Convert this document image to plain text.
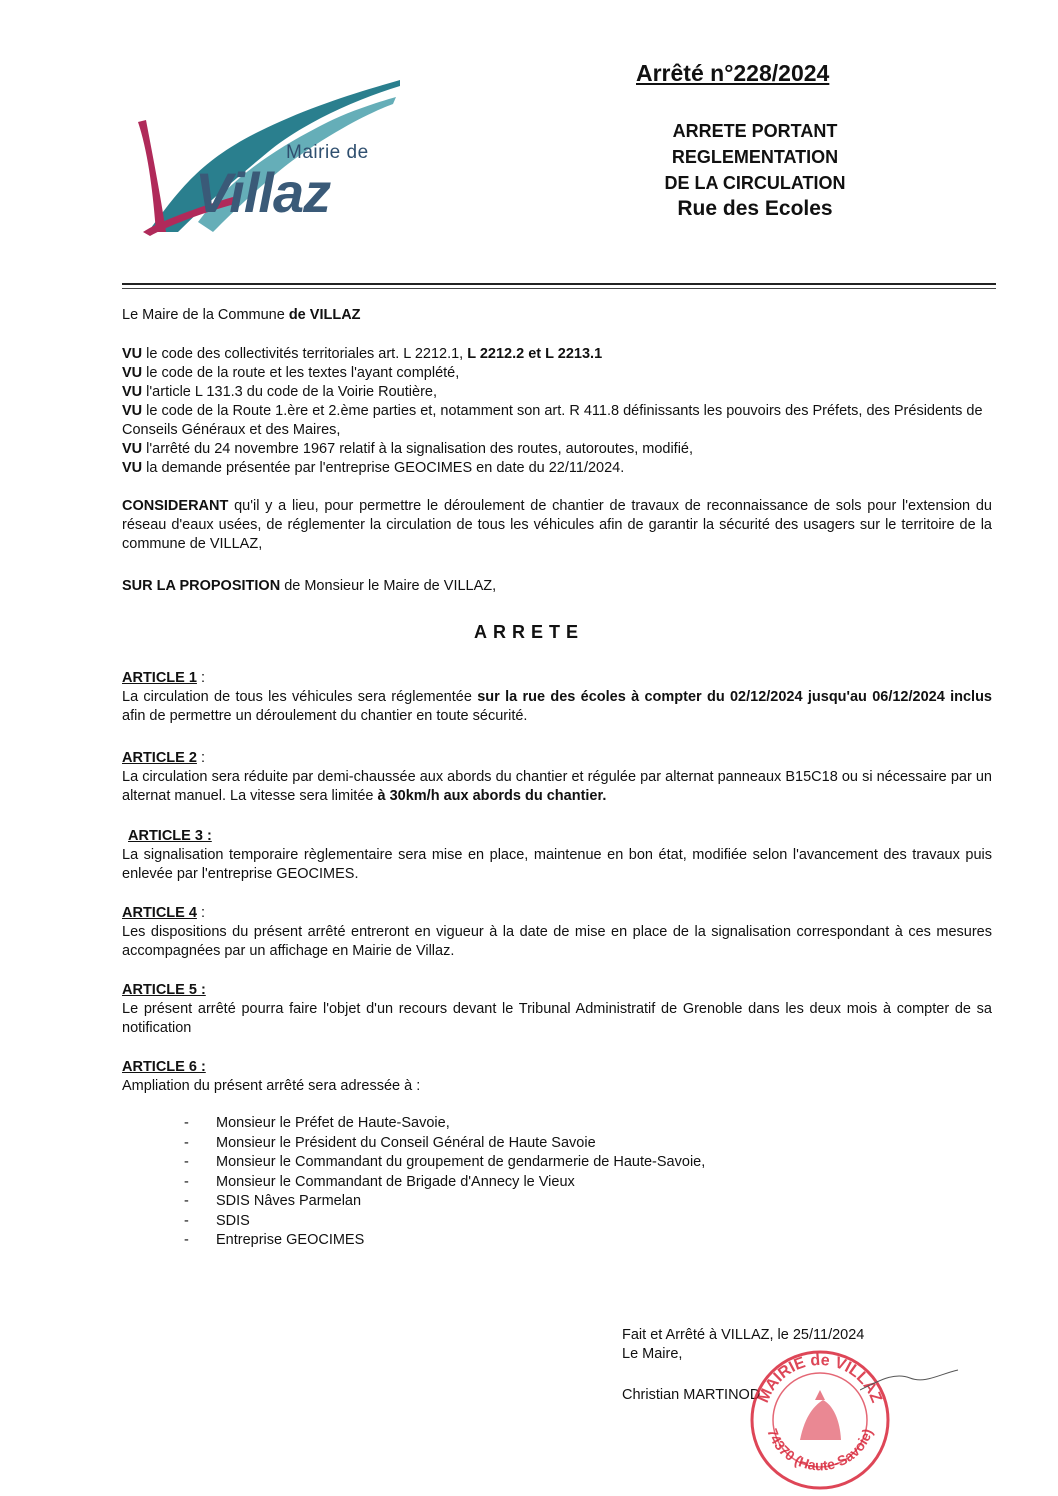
Mairie de
Villaz
Arrêté n°228/2024
ARRETE PORTANT
REGLEMENTATION
DE LA CIRCULATION
Rue des Ecoles
Le Maire de la Commune de VILLAZ

VU le code des collectivités territoriales art. L 2212.1, L 2212.2 et L 2213.1

VU le code de la route et les textes l'ayant complété,

VU l'article L 131.3 du code de la Voirie Routière,

VU le code de la Route 1.ère et 2.ème parties et, notamment son art. R 411.8 définissants les pouvoirs des Préfets, des Présidents de Conseils Généraux et des Maires,

VU l'arrêté du 24 novembre 1967 relatif à la signalisation des routes, autoroutes, modifié,

VU la demande présentée par l'entreprise GEOCIMES en date du 22/11/2024.

CONSIDERANT qu'il y a lieu, pour permettre le déroulement de chantier de travaux de reconnaissance de sols pour l'extension du réseau d'eaux usées, de réglementer la circulation de tous les véhicules afin de garantir la sécurité des usagers sur le territoire de la commune de VILLAZ,
SUR LA PROPOSITION de Monsieur le Maire de VILLAZ,
ARRETE

ARTICLE 1 :

La circulation de tous les véhicules sera réglementée sur la rue des écoles à compter du 02/12/2024 jusqu'au 06/12/2024 inclus afin de permettre un déroulement du chantier en toute sécurité.

ARTICLE 2 :

La circulation sera réduite par demi-chaussée aux abords du chantier et régulée par alternat panneaux B15C18 ou si nécessaire par un alternat manuel. La vitesse sera limitée à 30km/h aux abords du chantier.

ARTICLE 3 :

La signalisation temporaire règlementaire sera mise en place, maintenue en bon état, modifiée selon l'avancement des travaux puis enlevée par l'entreprise GEOCIMES.

ARTICLE 4 :

Les dispositions du présent arrêté entreront en vigueur à la date de mise en place de la signalisation correspondant à ces mesures accompagnées par un affichage en Mairie de Villaz.

ARTICLE 5 :

Le présent arrêté pourra faire l'objet d'un recours devant le Tribunal Administratif de Grenoble dans les deux mois à compter de sa notification

ARTICLE 6 :

Ampliation du présent arrêté sera adressée à :

-	Monsieur le Préfet de Haute-Savoie,
-	Monsieur le Président du Conseil Général de Haute Savoie
-	Monsieur le Commandant du groupement de gendarmerie de Haute-Savoie,
-	Monsieur le Commandant de Brigade d'Annecy le Vieux
-	SDIS Nâves Parmelan
-	SDIS
-	Entreprise GEOCIMES
Fait et Arrêté à VILLAZ, le 25/11/2024
Le Maire,
Christian MARTINOD
MAIRIE de VILLAZ
74370 (Haute-Savoie)
